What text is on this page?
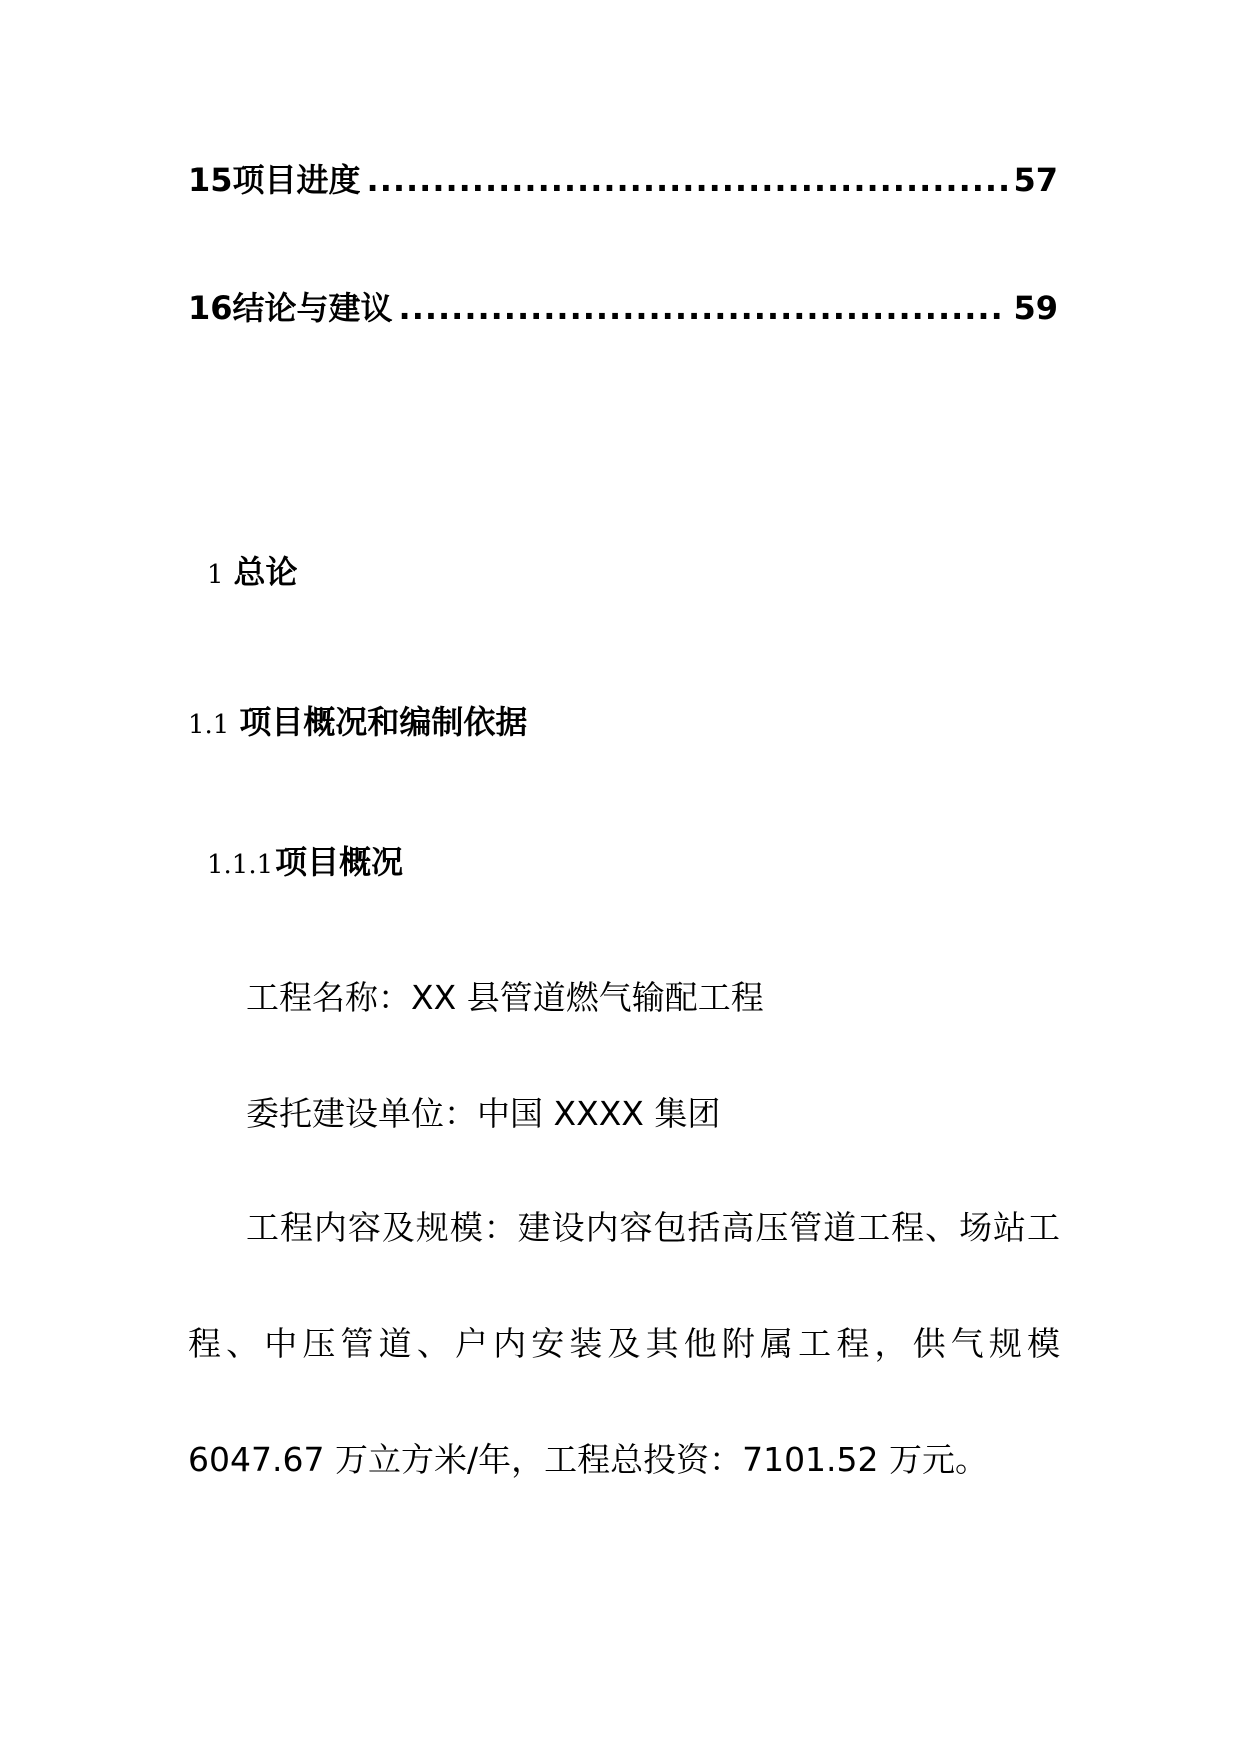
15项目进度 .....	57
16结论与建议 .....	59
1 总论
1.1 项目概况和编制依据
1.1.1项目概况
工程名称：XX 县管道燃气输配工程
委托建设单位：中国 XXXX 集团
工程内容及规模：建设内容包括高压管道工程、场站工程、中压管道、户内安装及其他附属工程，供气规模 6047.67 万立方米/年，工程总投资：7101.52 万元。
